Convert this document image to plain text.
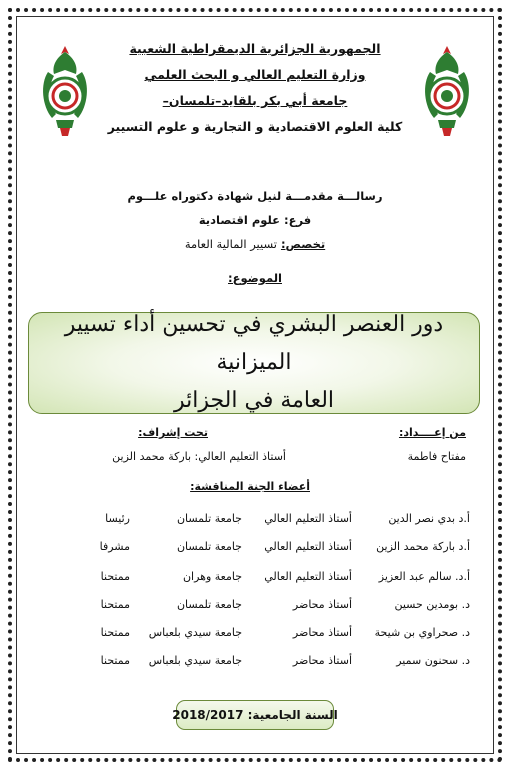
الجمهورية الجزائرية الديمقراطية الشعبية
وزارة التعليم العالي و البحث العلمي
جامعة أبي بكر بلقايد–تلمسان–
كلية العلوم الاقتصادية و التجارية و علوم التسيير
رسالـــة مقدمـــة لنيل شهادة دكتوراه علـــوم
فرع: علوم اقتصادية
تخصص: تسيير المالية العامة
الموضوع:
دور العنصر البشري في تحسين أداء تسيير الميزانية
العامة في الجزائر
من إعــــداد:
مفتاح فاطمة
تحت إشراف:
أستاذ التعليم العالي: باركة محمد الزين
أعضاء الجنة المناقشة:
أ.د بدي نصر الدين
أستاذ التعليم العالي
جامعة تلمسان
رئيسا
أ.د باركة محمد الزين
أستاذ التعليم العالي
جامعة تلمسان
مشرفا
أ.د. سالم عبد العزيز
أستاذ التعليم العالي
جامعة وهران
ممتحنا
د. بومدين حسين
أستاذ محاضر
جامعة تلمسان
ممتحنا
د. صحراوي بن شيحة
أستاذ محاضر
جامعة سيدي بلعباس
ممتحنا
د. سحنون سمير
أستاذ محاضر
جامعة سيدي بلعباس
ممتحنا
السنة الجامعية: 2018/2017
